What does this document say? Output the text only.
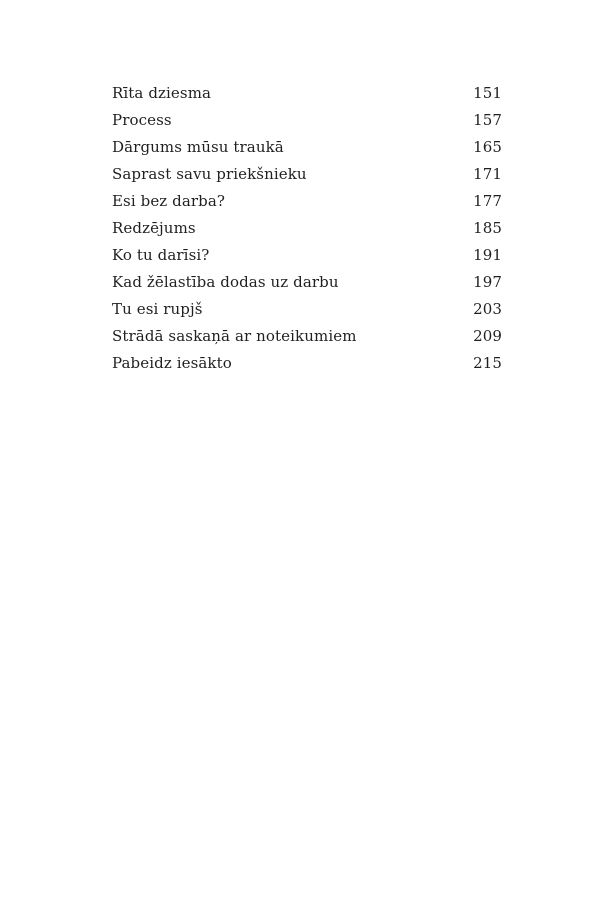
Rīta dziesma	151
Process	157
Dārgums mūsu traukā	165
Saprast savu priekšnieku	171
Esi bez darba?	177
Redzējums	185
Ko tu darīsi?	191
Kad žēlastība dodas uz darbu	197
Tu esi rupjš	203
Strādā saskaņā ar noteikumiem	209
Pabeidz iesākto	215
